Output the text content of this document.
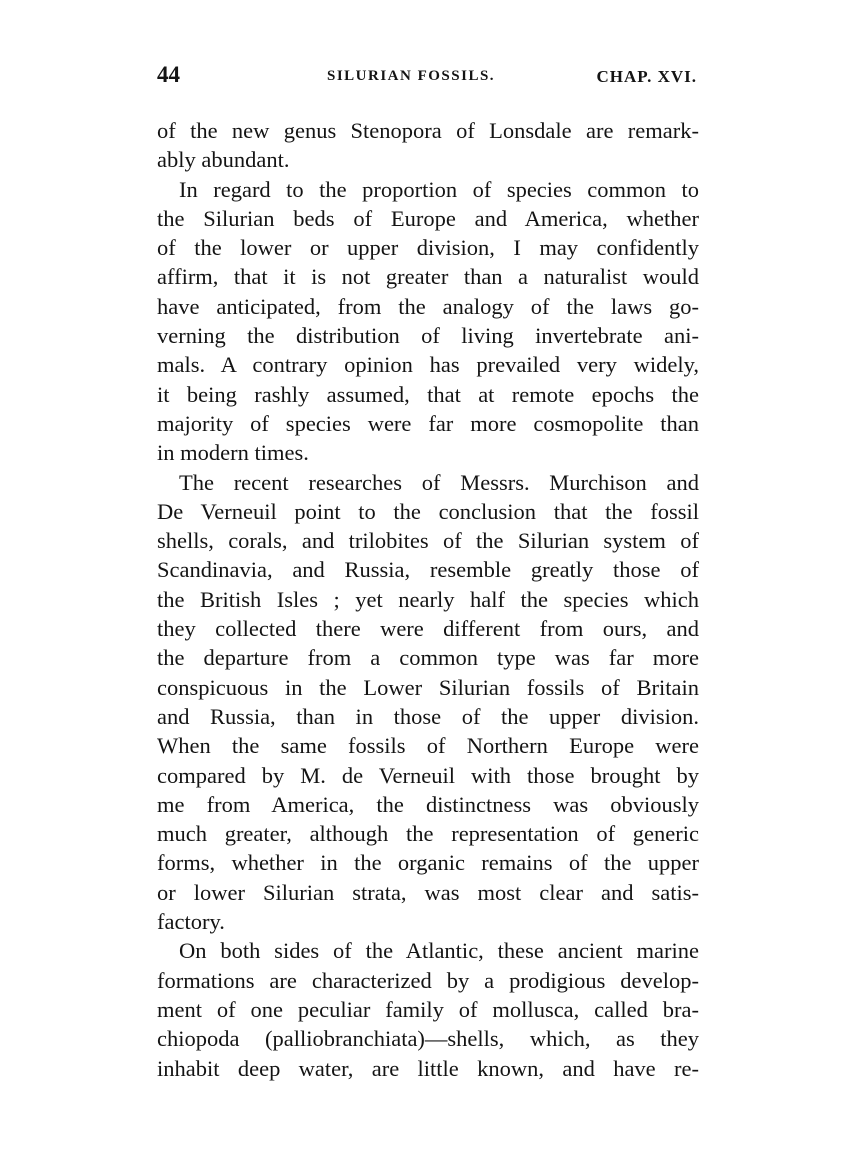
44	SILURIAN FOSSILS.	CHAP. XVI.
of the new genus Stenopora of Lonsdale are remark-
ably abundant.
In regard to the proportion of species common to
the Silurian beds of Europe and America, whether
of the lower or upper division, I may confidently
affirm, that it is not greater than a naturalist would
have anticipated, from the analogy of the laws go-
verning the distribution of living invertebrate ani-
mals. A contrary opinion has prevailed very widely,
it being rashly assumed, that at remote epochs the
majority of species were far more cosmopolite than
in modern times.
The recent researches of Messrs. Murchison and
De Verneuil point to the conclusion that the fossil
shells, corals, and trilobites of the Silurian system of
Scandinavia, and Russia, resemble greatly those of
the British Isles ; yet nearly half the species which
they collected there were different from ours, and
the departure from a common type was far more
conspicuous in the Lower Silurian fossils of Britain
and Russia, than in those of the upper division.
When the same fossils of Northern Europe were
compared by M. de Verneuil with those brought by
me from America, the distinctness was obviously
much greater, although the representation of generic
forms, whether in the organic remains of the upper
or lower Silurian strata, was most clear and satis-
factory.
On both sides of the Atlantic, these ancient marine
formations are characterized by a prodigious develop-
ment of one peculiar family of mollusca, called bra-
chiopoda (palliobranchiata)—shells, which, as they
inhabit deep water, are little known, and have re-
